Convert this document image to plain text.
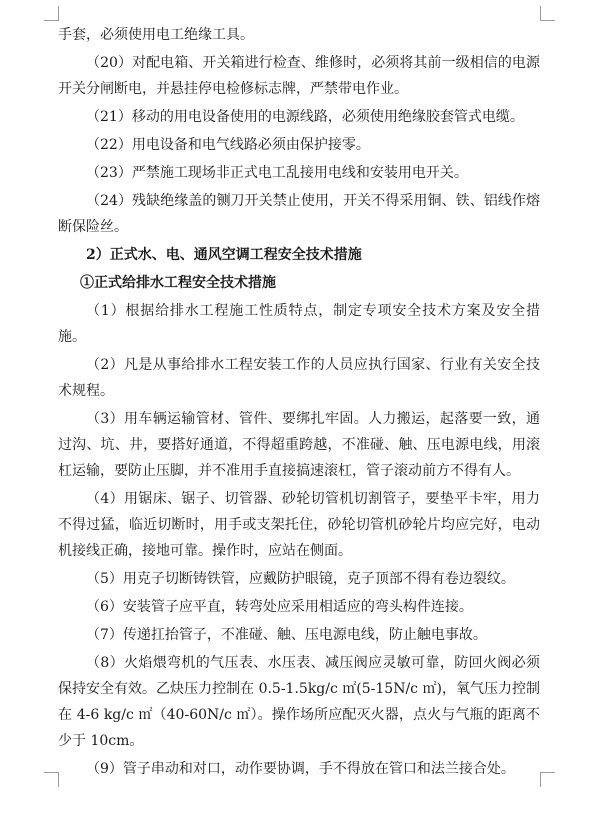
手套，必须使用电工绝缘工具。

（20）对配电箱、开关箱进行检查、维修时，必须将其前一级相信的电源开关分闸断电，并悬挂停电检修标志牌，严禁带电作业。

（21）移动的用电设备使用的电源线路，必须使用绝缘胶套管式电缆。

（22）用电设备和电气线路必须由保护接零。

（23）严禁施工现场非正式电工乱接用电线和安装用电开关。

（24）残缺绝缘盖的铡刀开关禁止使用，开关不得采用铜、铁、铝线作熔断保险丝。

2）正式水、电、通风空调工程安全技术措施

①正式给排水工程安全技术措施

（1）根据给排水工程施工性质特点，制定专项安全技术方案及安全措施。

（2）凡是从事给排水工程安装工作的人员应执行国家、行业有关安全技术规程。

（3）用车辆运输管材、管件、要绑扎牢固。人力搬运，起落要一致，通过沟、坑、井，要搭好通道，不得超重跨越，不准碰、触、压电源电线，用滚杠运输，要防止压脚，并不准用手直接搞速滚杠，管子滚动前方不得有人。

（4）用锯床、锯子、切管器、砂轮切管机切割管子，要垫平卡牢，用力不得过猛，临近切断时，用手或支架托住，砂轮切管机砂轮片均应完好，电动机接线正确，接地可靠。操作时，应站在侧面。

（5）用克子切断铸铁管，应戴防护眼镜，克子顶部不得有卷边裂纹。

（6）安装管子应平直，转弯处应采用相适应的弯头构件连接。

（7）传递扛抬管子，不准碰、触、压电源电线，防止触电事故。

（8）火焰煨弯机的气压表、水压表、减压阀应灵敏可靠，防回火阀必须保持安全有效。乙炔压力控制在 0.5-1.5kg/c ㎡(5-15N/c ㎡)，氧气压力控制在 4-6 kg/c ㎡（40-60N/c ㎡）。操作场所应配灭火器，点火与气瓶的距离不少于 10cm。

（9）管子串动和对口，动作要协调，手不得放在管口和法兰接合处。
